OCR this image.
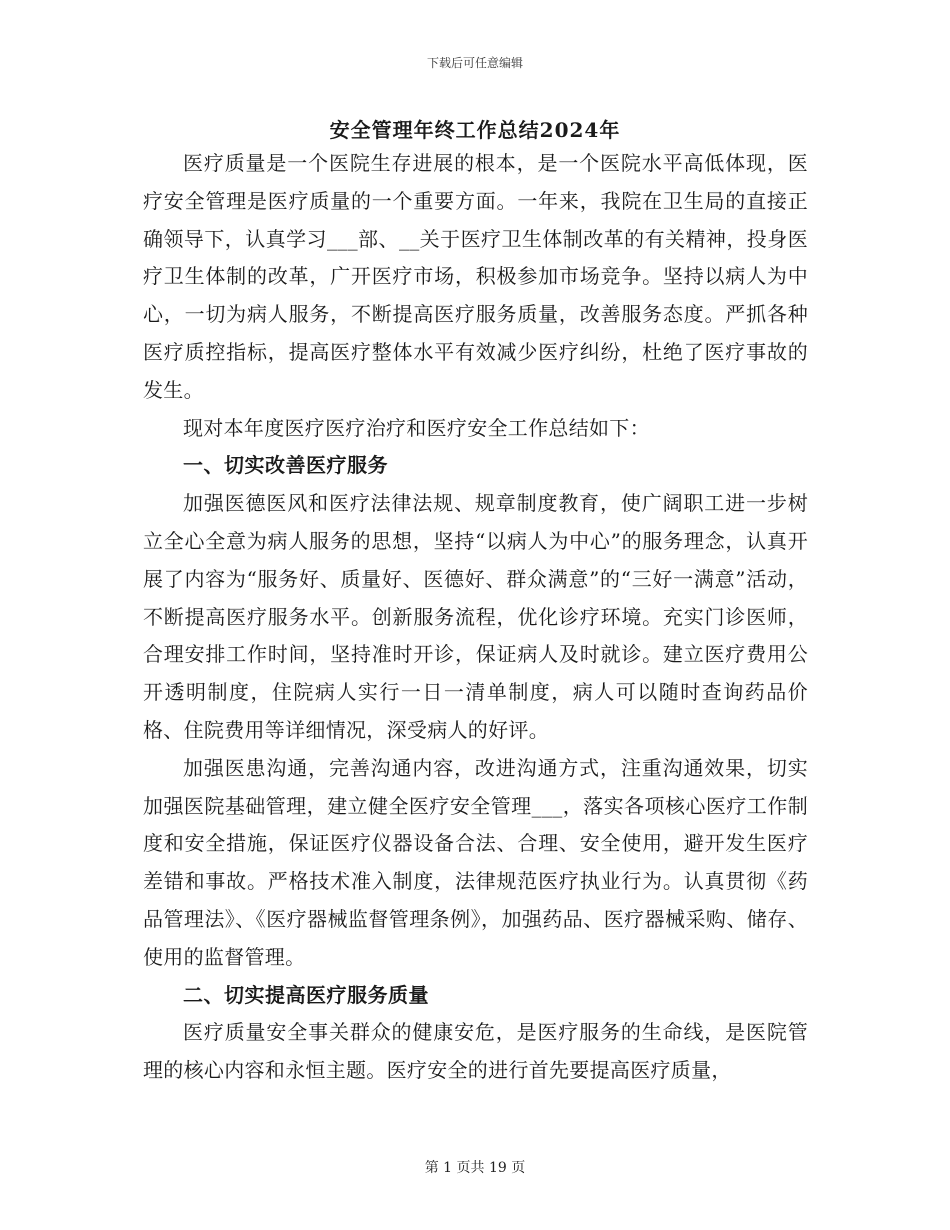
下载后可任意编辑
安全管理年终工作总结2024年

医疗质量是一个医院生存进展的根本，是一个医院水平高低体现，医疗安全管理是医疗质量的一个重要方面。一年来，我院在卫生局的直接正确领导下，认真学习___部、__关于医疗卫生体制改革的有关精神，投身医疗卫生体制的改革，广开医疗市场，积极参加市场竞争。坚持以病人为中心，一切为病人服务，不断提高医疗服务质量，改善服务态度。严抓各种医疗质控指标，提高医疗整体水平有效减少医疗纠纷，杜绝了医疗事故的发生。

现对本年度医疗医疗治疗和医疗安全工作总结如下：

一、切实改善医疗服务

加强医德医风和医疗法律法规、规章制度教育，使广阔职工进一步树立全心全意为病人服务的思想，坚持“以病人为中心”的服务理念，认真开展了内容为“服务好、质量好、医德好、群众满意”的“三好一满意”活动，不断提高医疗服务水平。创新服务流程，优化诊疗环境。充实门诊医师，合理安排工作时间，坚持准时开诊，保证病人及时就诊。建立医疗费用公开透明制度，住院病人实行一日一清单制度，病人可以随时查询药品价格、住院费用等详细情况，深受病人的好评。

加强医患沟通，完善沟通内容，改进沟通方式，注重沟通效果，切实加强医院基础管理，建立健全医疗安全管理___，落实各项核心医疗工作制度和安全措施，保证医疗仪器设备合法、合理、安全使用，避开发生医疗差错和事故。严格技术准入制度，法律规范医疗执业行为。认真贯彻《药品管理法》、《医疗器械监督管理条例》，加强药品、医疗器械采购、储存、使用的监督管理。

二、切实提高医疗服务质量

医疗质量安全事关群众的健康安危，是医疗服务的生命线，是医院管理的核心内容和永恒主题。医疗安全的进行首先要提高医疗质量，

第 1 页共 19 页
